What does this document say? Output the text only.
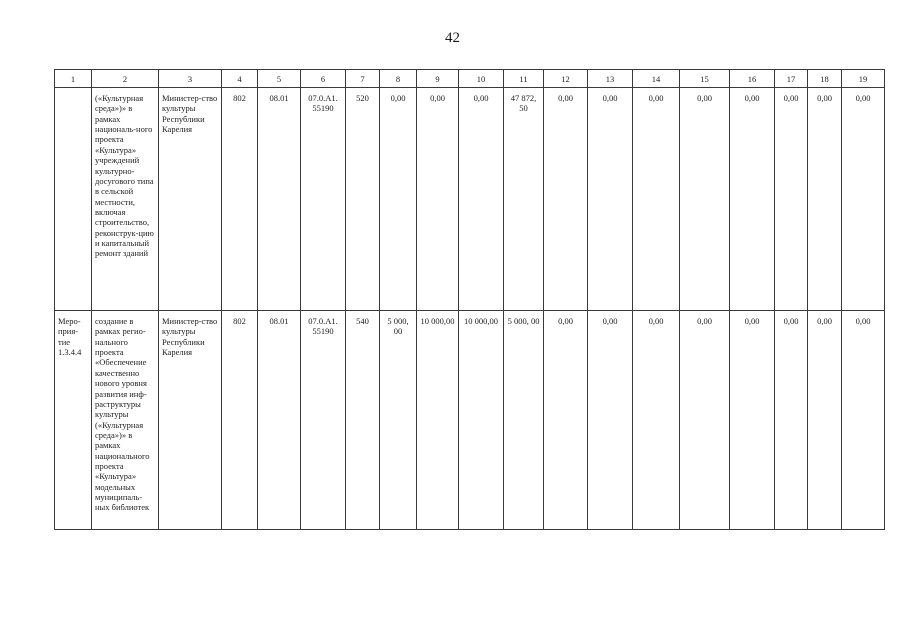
42
1	2	3	4	5	6	7	8	9	10	11	12	13	14	15	16	17	18	19
	(«Культурная среда»)» в рамках националь-ного проекта «Культура» учреждений культурно-досугового типа в сельской местности, включая строительство, реконструк-цию и капитальный ремонт зданий	Министер-ство культуры Республики Карелия	802	08.01	07.0.А1. 55190	520	0,00	0,00	0,00	47 872, 50	0,00	0,00	0,00	0,00	0,00	0,00	0,00	0,00
Меро-прия-тие 1.3.4.4	создание в рамках регио-нального проекта «Обеспечение качественно нового уровня развития инф-раструктуры культуры («Культурная среда»)» в рамках национального проекта «Культура» модельных муниципаль-ных библиотек	Министер-ство культуры Республики Карелия	802	08.01	07.0.А1. 55190	540	5 000, 00	10 000,00	10 000,00	5 000, 00	0,00	0,00	0,00	0,00	0,00	0,00	0,00	0,00
